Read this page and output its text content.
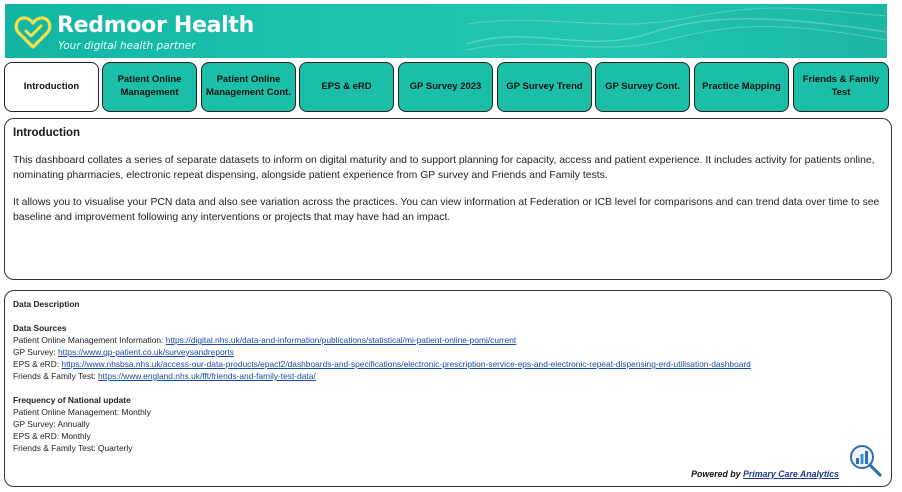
Redmoor Health
Your digital health partner
Introduction
Patient Online Management
Patient Online Management Cont.
EPS & eRD	GP Survey 2023	GP Survey Trend	GP Survey Cont.	Practice Mapping
Friends & Family Test
Introduction

This dashboard collates a series of separate datasets to inform on digital maturity and to support planning for capacity, access and patient experience. It includes activity for patients online, nominating pharmacies, electronic repeat dispensing, alongside patient experience from GP survey and Friends and Family tests.

It allows you to visualise your PCN data and also see variation across the practices. You can view information at Federation or ICB level for comparisons and can trend data over time to see baseline and improvement following any interventions or projects that may have had an impact.

Data Description
Data Sources
Patient Online Management Information: https://digital.nhs.uk/data-and-information/publications/statistical/mi-patient-online-pomi/current
GP Survey: https://www.gp-patient.co.uk/surveysandreports
EPS & eRD: https://www.nhsbsa.nhs.uk/access-our-data-products/epact2/dashboards-and-specifications/electronic-prescription-service-eps-and-electronic-repeat-dispensing-erd-utilisation-dashboard
Friends & Family Test: https://www.england.nhs.uk/fft/friends-and-family-test-data/
Frequency of National update
Patient Online Management: Monthly
GP Survey: Annually
EPS & eRD: Monthly
Friends & Family Test: Quarterly
Powered by Primary Care Analytics
